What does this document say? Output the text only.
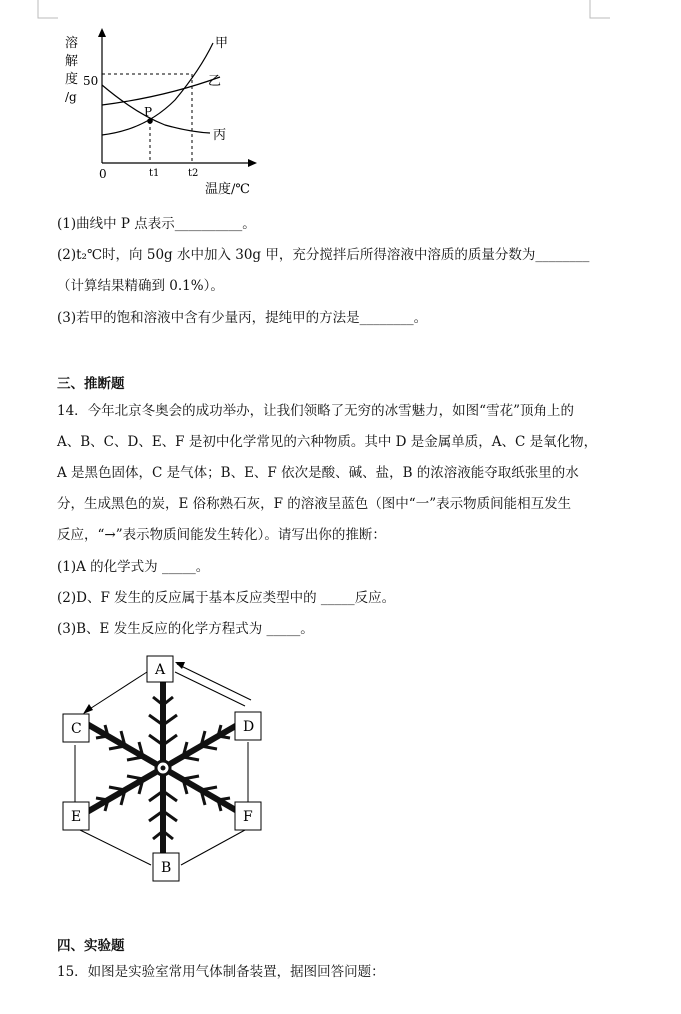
溶
解
度
/g
50
0	t1	t2
温度/℃
P
甲
乙
丙
(1)曲线中 P 点表示__________。
(2)t₂℃时，向 50g 水中加入 30g 甲，充分搅拌后所得溶液中溶质的质量分数为________
（计算结果精确到 0.1%）。
(3)若甲的饱和溶液中含有少量丙，提纯甲的方法是________。
三、推断题
14．今年北京冬奥会的成功举办，让我们领略了无穷的冰雪魅力，如图“雪花”顶角上的
A、B、C、D、E、F 是初中化学常见的六种物质。其中 D 是金属单质，A、C 是氧化物，
A 是黑色固体，C 是气体；B、E、F 依次是酸、碱、盐，B 的浓溶液能夺取纸张里的水
分，生成黑色的炭，E 俗称熟石灰，F 的溶液呈蓝色（图中“一”表示物质间能相互发生
反应，“→”表示物质间能发生转化）。请写出你的推断：
(1)A 的化学式为 _____。
(2)D、F 发生的反应属于基本反应类型中的 _____反应。
(3)B、E 发生反应的化学方程式为 _____。
A
D
F
B
E
C
四、实验题
15．如图是实验室常用气体制备装置，据图回答问题：
